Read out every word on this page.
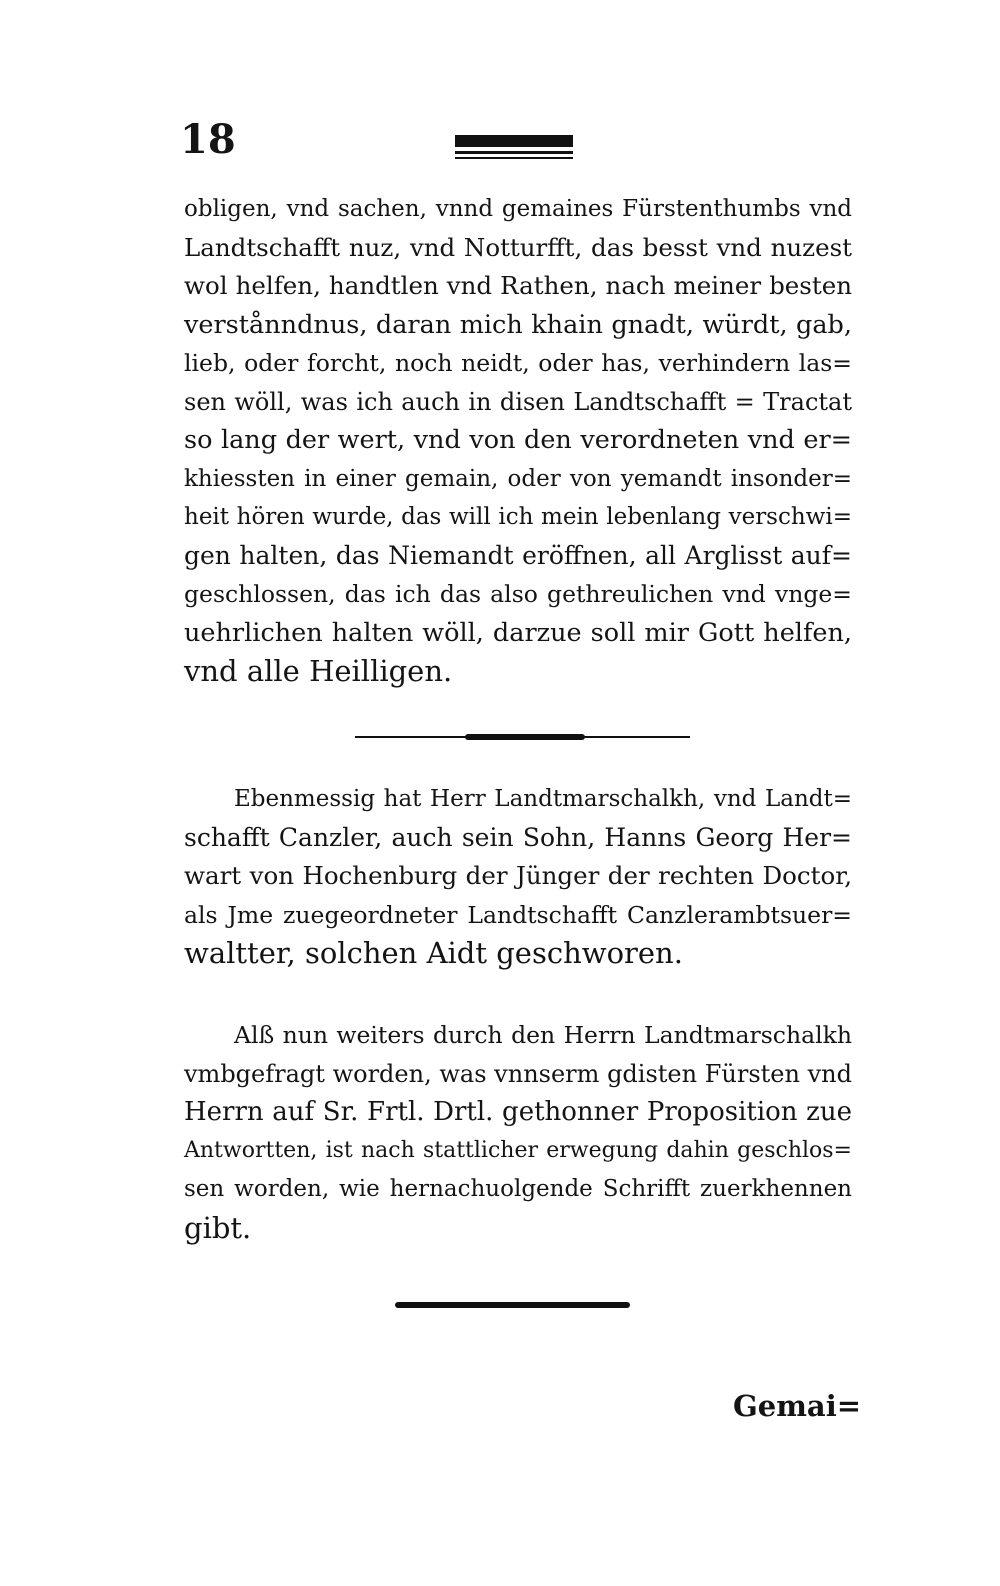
18
obligen, vnd sachen, vnnd gemaines Fürstenthumbs vnd
Landtschafft nuz, vnd Notturfft, das besst vnd nuzest
wol helfen, handtlen vnd Rathen, nach meiner besten
verstånndnus, daran mich khain gnadt, würdt, gab,
lieb, oder forcht, noch neidt, oder has, verhindern las=
sen wöll, was ich auch in disen Landtschafft = Tractat
so lang der wert, vnd von den verordneten vnd er=
khiessten in einer gemain, oder von yemandt insonder=
heit hören wurde, das will ich mein lebenlang verschwi=
gen halten, das Niemandt eröffnen, all Arglisst auf=
geschlossen, das ich das also gethreulichen vnd vnge=
uehrlichen halten wöll, darzue soll mir Gott helfen,
vnd alle Heilligen.
Ebenmessig hat Herr Landtmarschalkh, vnd Landt=
schafft Canzler, auch sein Sohn, Hanns Georg Her=
wart von Hochenburg der Jünger der rechten Doctor,
als Jme zuegeordneter Landtschafft Canzlerambtsuer=
waltter, solchen Aidt geschworen.
Alß nun weiters durch den Herrn Landtmarschalkh
vmbgefragt worden, was vnnserm gdisten Fürsten vnd
Herrn auf Sr. Frtl. Drtl. gethonner Proposition zue
Antwortten, ist nach stattlicher erwegung dahin geschlos=
sen worden, wie hernachuolgende Schrifft zuerkhennen
gibt.
Gemai=
